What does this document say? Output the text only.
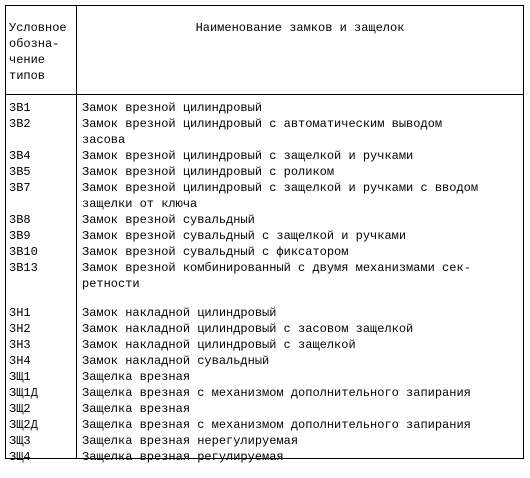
Условное
обозна-
чение
типов
Наименование замков и защелок
3В1	Замок врезной цилиндровый
3В2	Замок врезной цилиндровый с автоматическим выводом
засова
3В4	Замок врезной цилиндровый с защелкой и ручками
3В5	Замок врезной цилиндровый с роликом
3В7	Замок врезной цилиндровый с защелкой и ручками с вводом
защелки от ключа
3В8	Замок врезной сувальдный
3В9	Замок врезной сувальдный с защелкой и ручками
3В10	Замок врезной сувальдный с фиксатором
3В13	Замок врезной комбинированный с двумя механизмами сек-
ретности
3Н1	Замок накладной цилиндровый
3Н2	Замок накладной цилиндровый с засовом защелкой
3Н3	Замок накладной цилиндровый с защелкой
3Н4	Замок накладной сувальдный
ЗЩ1	Защелка врезная
ЗЩ1Д	Защелка врезная с механизмом дополнительного запирания
ЗЩ2	Защелка врезная
ЗЩ2Д	Защелка врезная с механизмом дополнительного запирания
ЗЩ3	Защелка врезная нерегулируемая
ЗЩ4	Защелка врезная регулируемая
